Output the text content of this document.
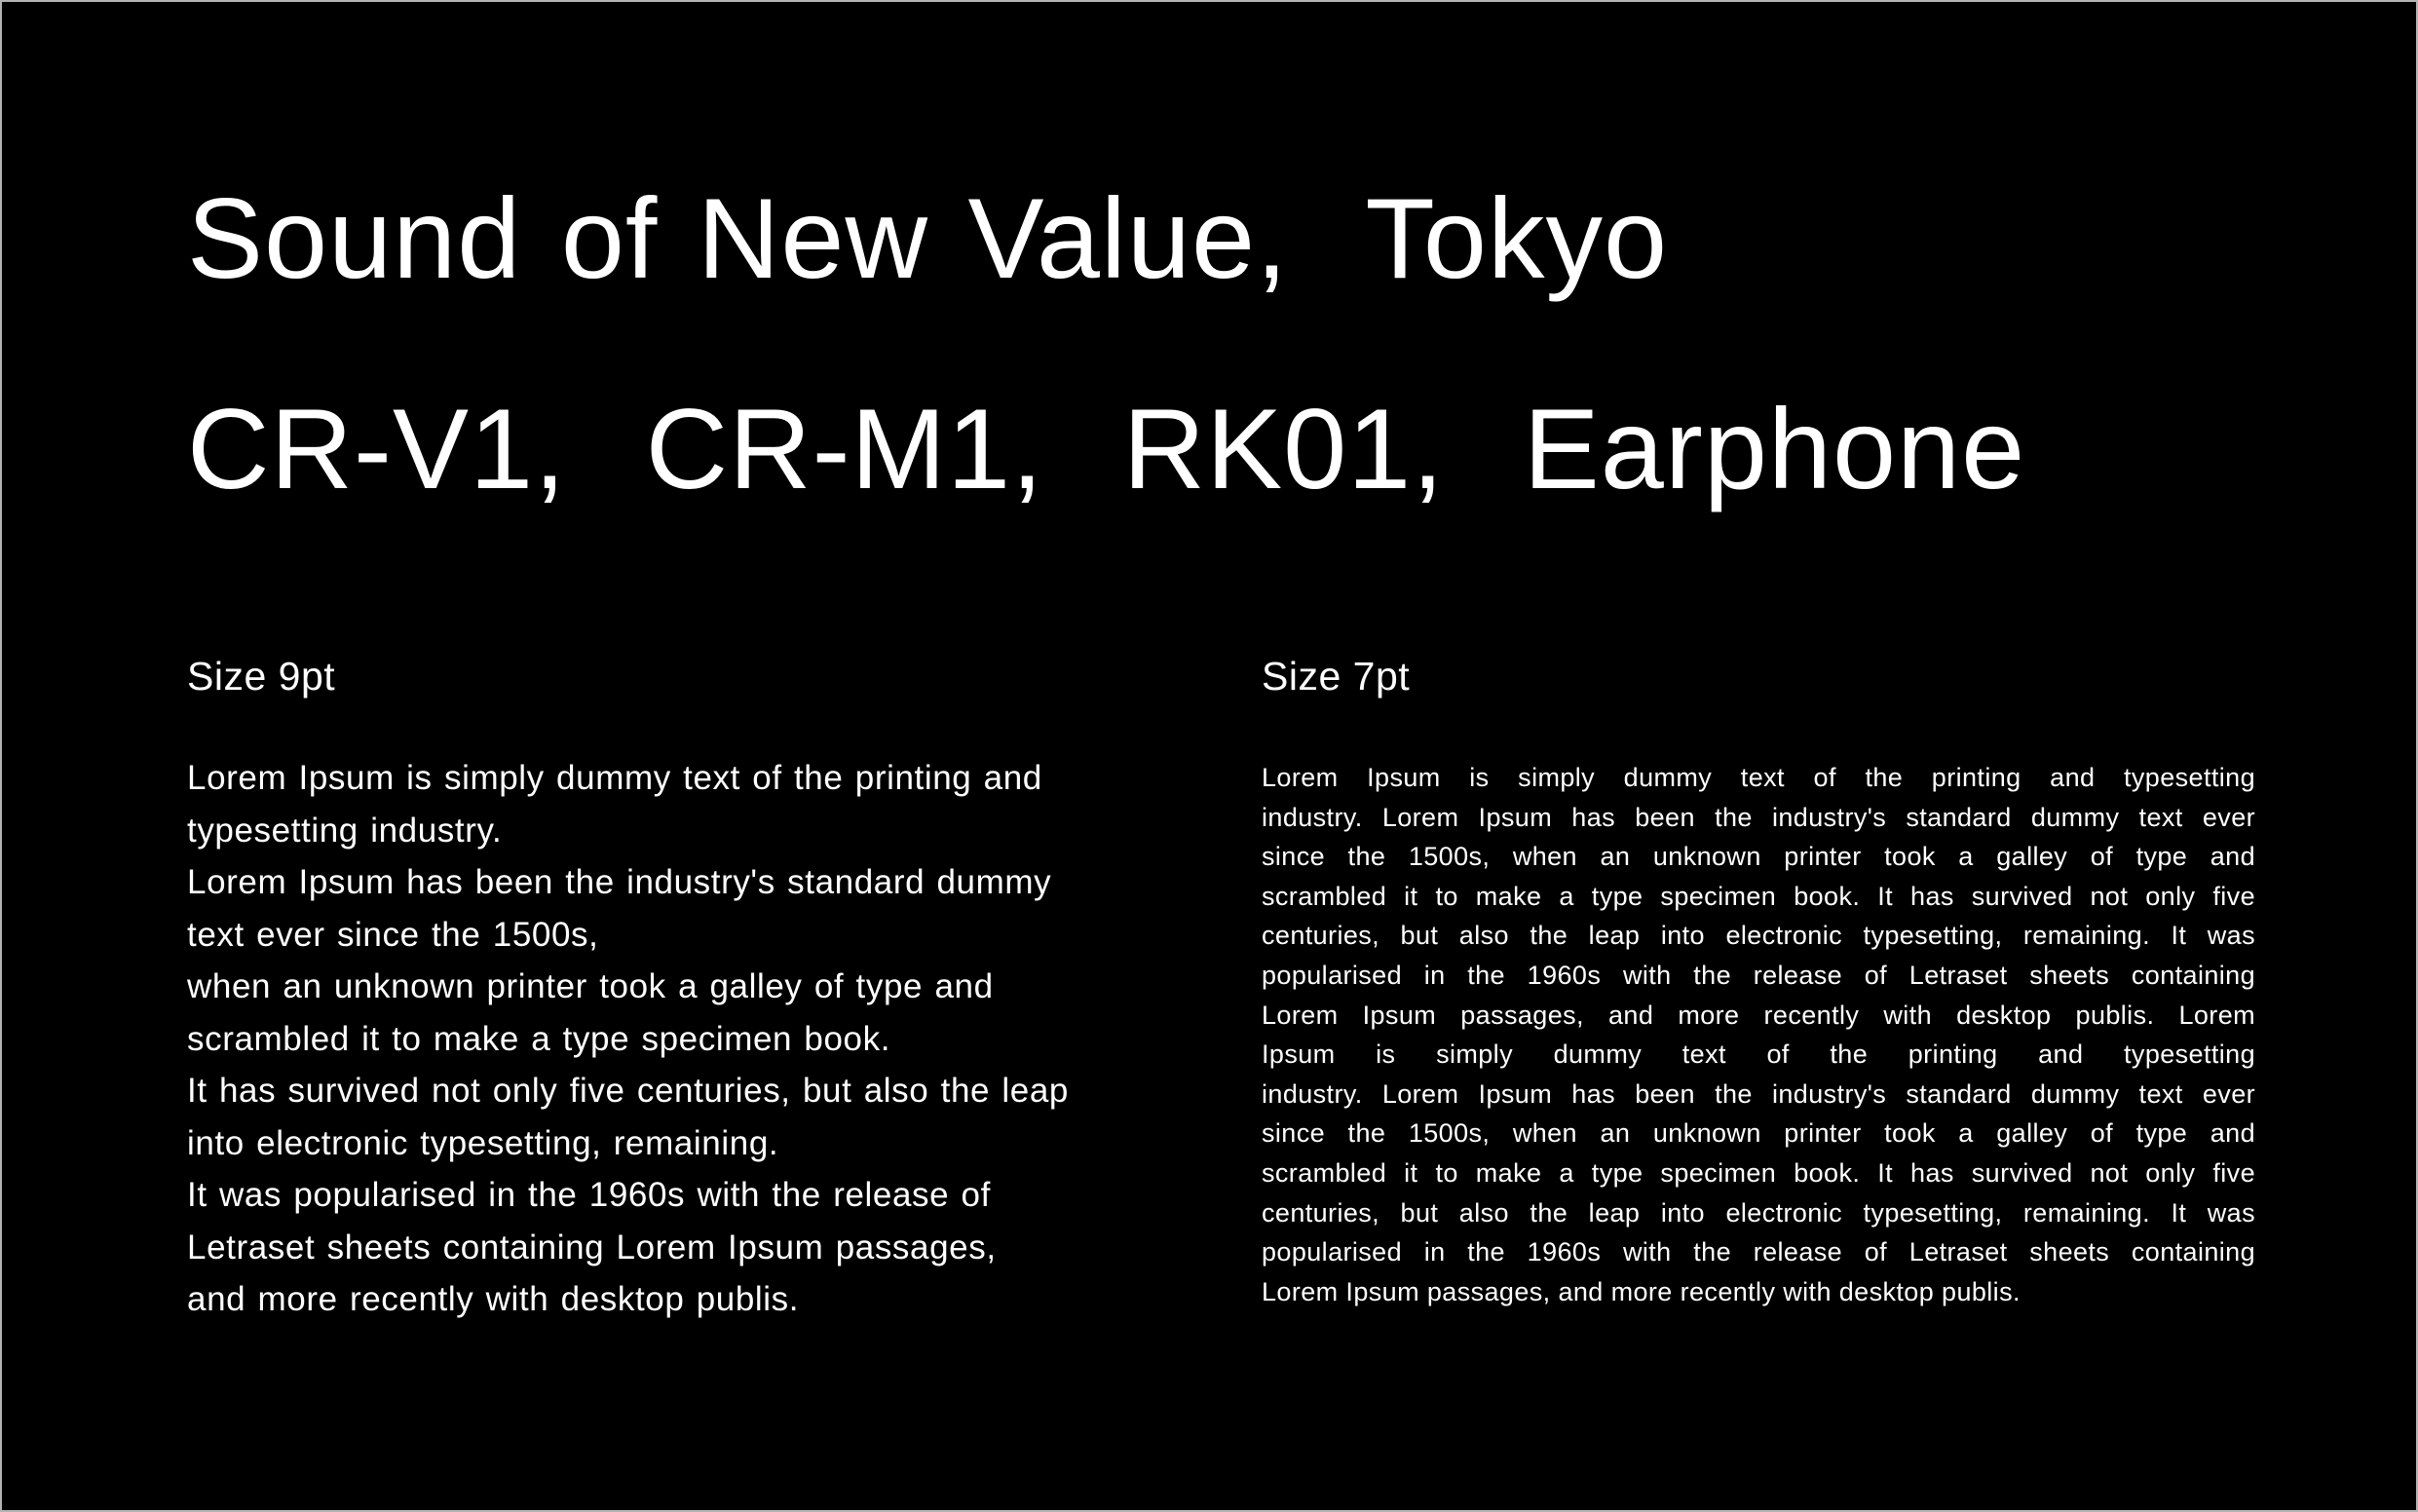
Sound of New Value,  Tokyo
CR-V1,  CR-M1,  RK01,  Earphone
Size 9pt	Size 7pt
Lorem Ipsum is simply dummy text of the printing and
typesetting industry.
Lorem Ipsum has been the industry's standard dummy
text ever since the 1500s,
when an unknown printer took a galley of type and
scrambled it to make a type specimen book.
It has survived not only five centuries, but also the leap
into electronic typesetting, remaining.
It was popularised in the 1960s with the release of
Letraset sheets containing Lorem Ipsum passages,
and more recently with desktop publis.
Lorem Ipsum is simply dummy text of the printing and typesetting
industry. Lorem Ipsum has been the industry's standard dummy text ever
since the 1500s, when an unknown printer took a galley of type and
scrambled it to make a type specimen book. It has survived not only five
centuries, but also the leap into electronic typesetting, remaining. It was
popularised in the 1960s with the release of Letraset sheets containing
Lorem Ipsum passages, and more recently with desktop publis. Lorem
Ipsum is simply dummy text of the printing and typesetting
industry. Lorem Ipsum has been the industry's standard dummy text ever
since the 1500s, when an unknown printer took a galley of type and
scrambled it to make a type specimen book. It has survived not only five
centuries, but also the leap into electronic typesetting, remaining. It was
popularised in the 1960s with the release of Letraset sheets containing
Lorem Ipsum passages, and more recently with desktop publis.
